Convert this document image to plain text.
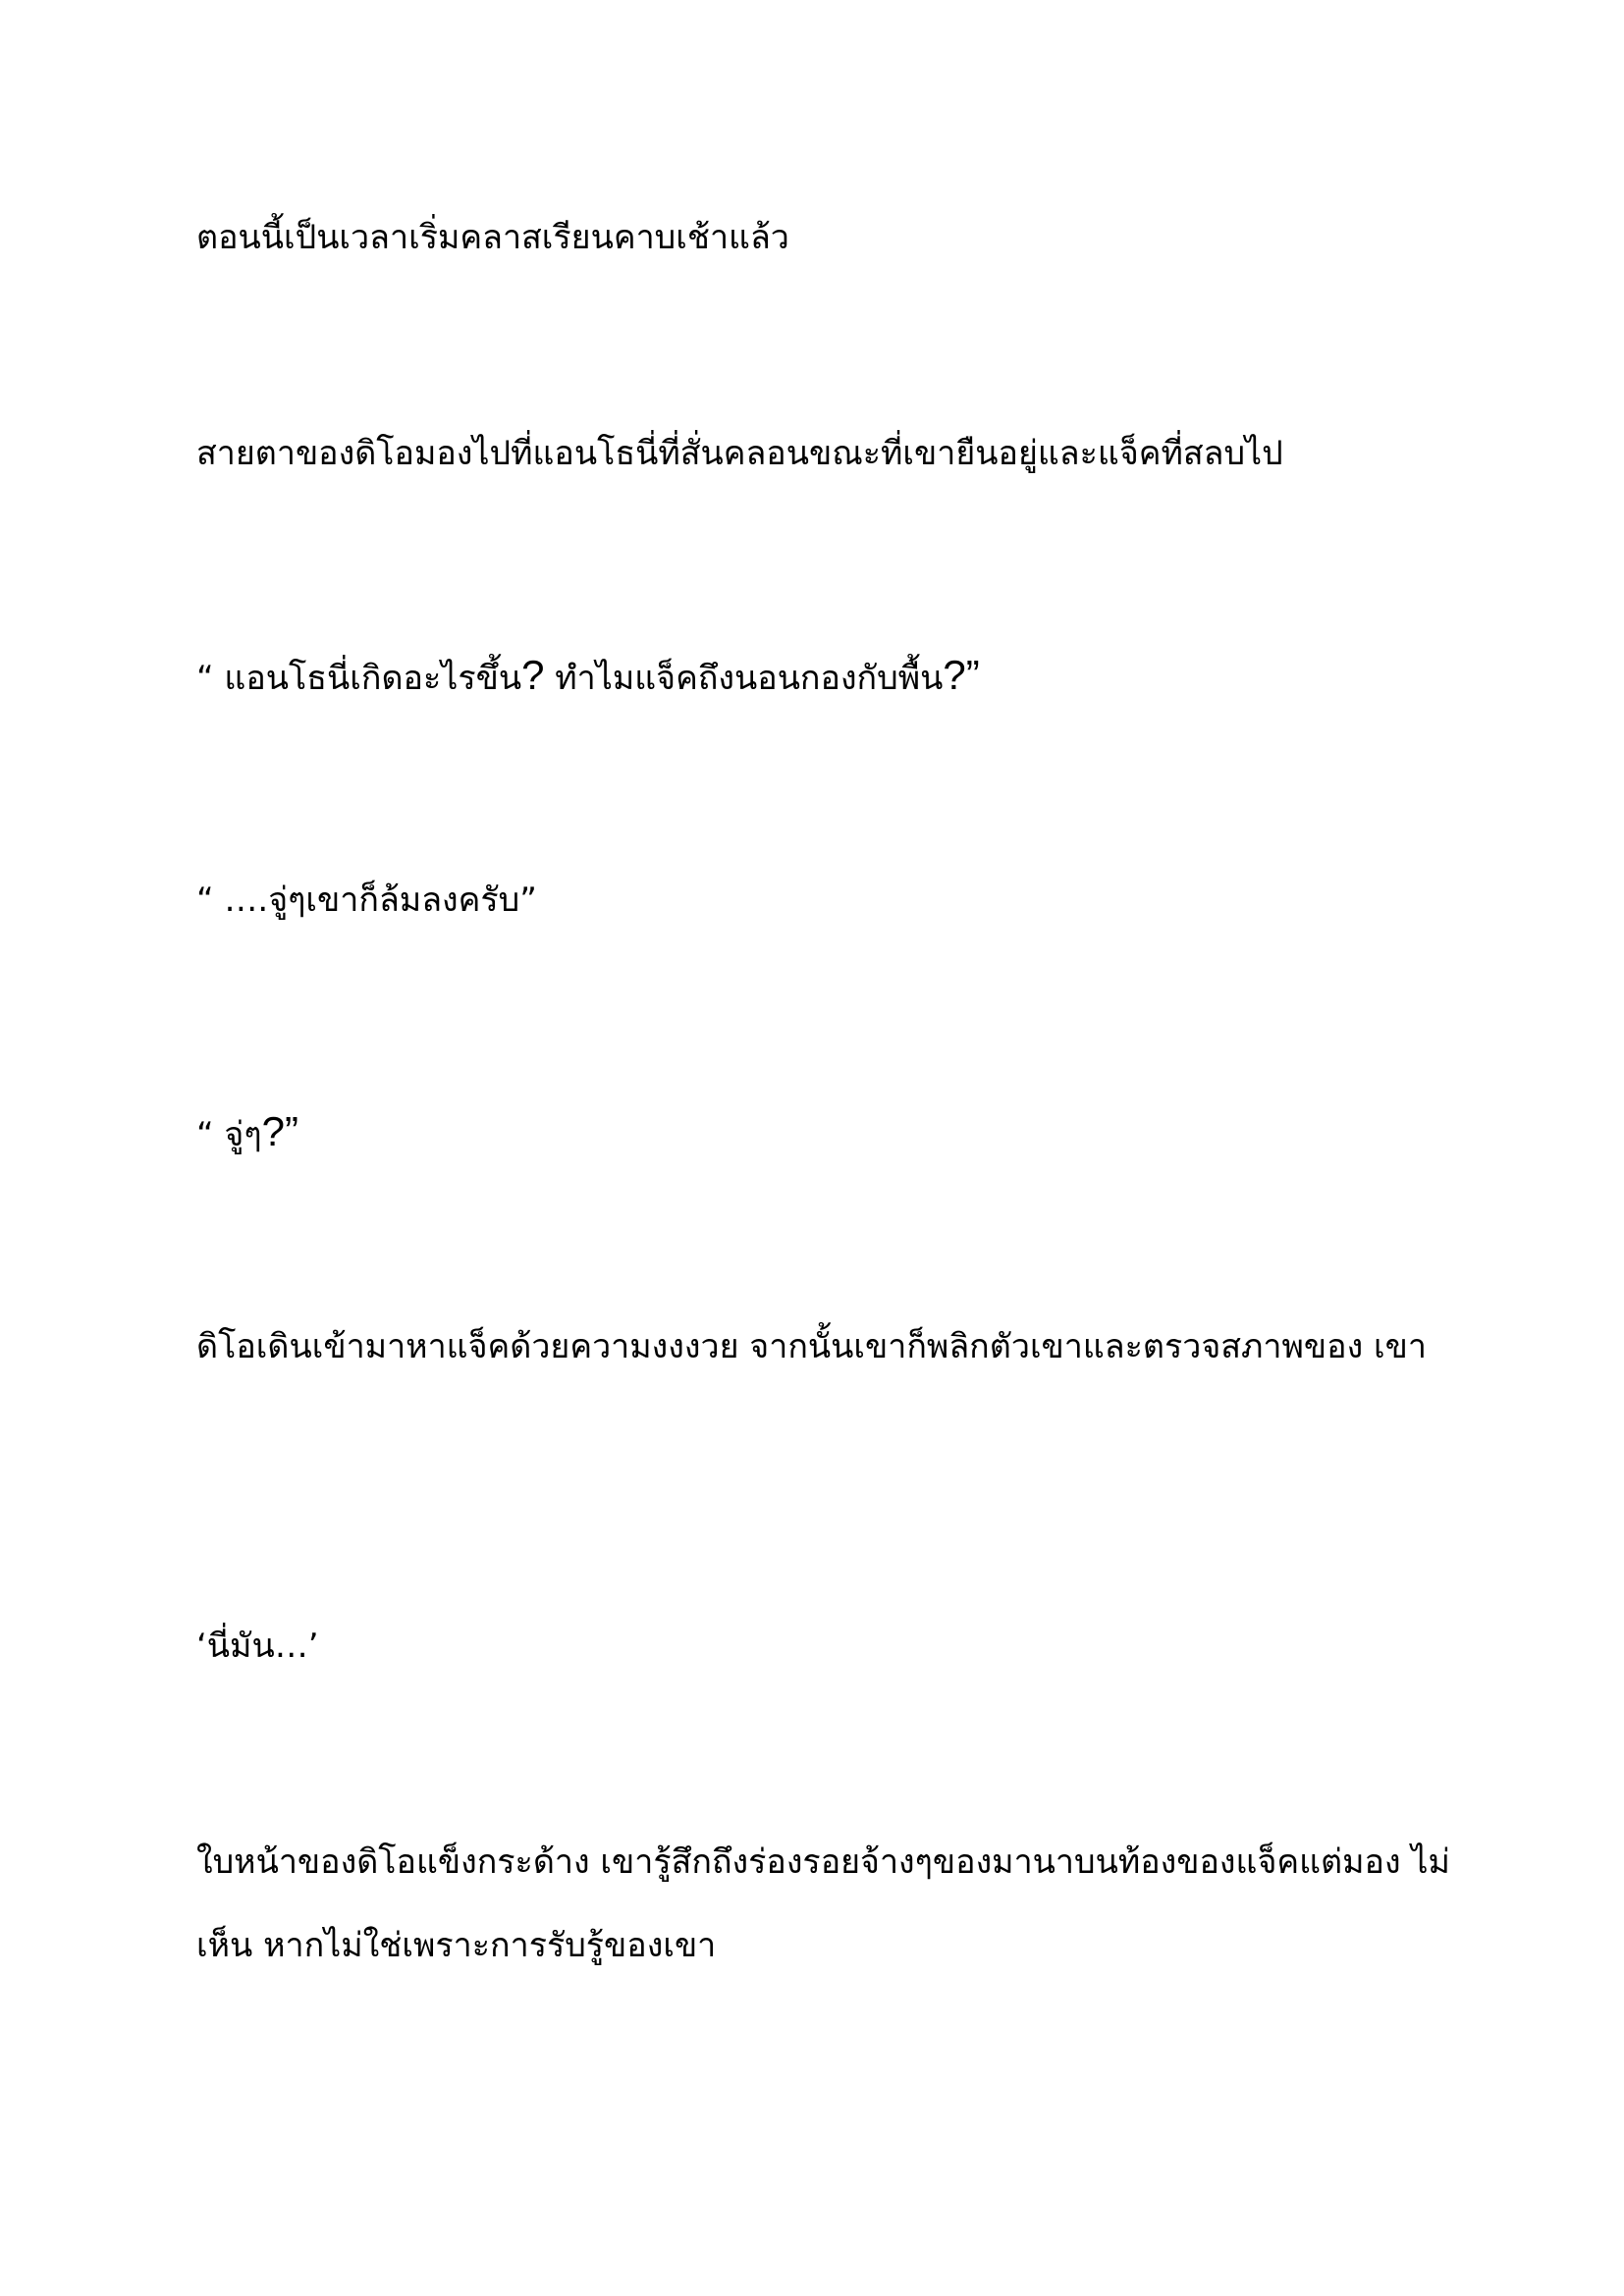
ตอนนี้เป็นเวลาเริ่มคลาสเรียนคาบเช้าแล้ว
สายตาของดิโอมองไปที่แอนโธนี่ที่สั่นคลอนขณะที่เขายืนอยู่และแจ็คที่สลบไป
“ แอนโธนี่เกิดอะไรขึ้น? ทำไมแจ็คถึงนอนกองกับพื้น?”
“ ….จู่ๆเขาก็ล้มลงครับ”
“ จู่ๆ?”
ดิโอเดินเข้ามาหาแจ็คด้วยความงงงวย จากนั้นเขาก็พลิกตัวเขาและตรวจสภาพของ เขา
‘นี่มัน…’
ใบหน้าของดิโอแข็งกระด้าง เขารู้สึกถึงร่องรอยจ้างๆของมานาบนท้องของแจ็คแต่มอง ไม่เห็น หากไม่ใช่เพราะการรับรู้ของเขา
